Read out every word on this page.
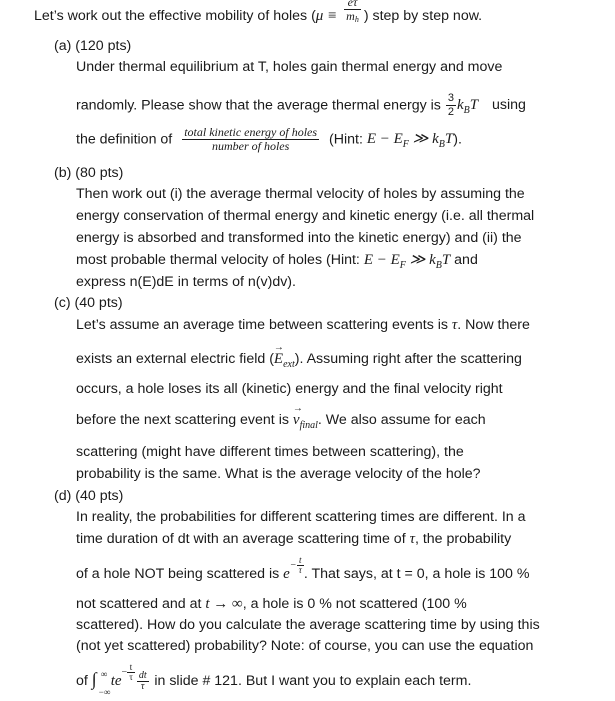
Let’s work out the effective mobility of holes ($\mu \equiv \frac{e\tau}{mh}$ ) step by step now.
(a) (120 pts)
Under thermal equilibrium at T, holes gain thermal energy and move
randomly. Please show that the average thermal energy is $\frac{3}{2} k_BT$ using
the definition of $\frac{\text{total kinetic energy of holes}}{\text{number of holes}}$ (Hint: $E - E_F$ ≫ $k_BT$).
(b) (80 pts)
Then work out (i) the average thermal velocity of holes by assuming the
energy conservation of thermal energy and kinetic energy (i.e. all thermal
energy is absorbed and transformed into the kinetic energy) and (ii) the
most probable thermal velocity of holes (Hint: $E - E_F$ ≫ $k_BT$ and
express n(E)dE in terms of n(v)dv).
(c) (40 pts)
Let’s assume an average time between scattering events is τ. Now there
exists an external electric field (→ $E_{ext}$). Assuming right after the scattering
occurs, a hole loses its all (kinetic) energy and the final velocity right
before the next scattering event is → $v_{final}$. We also assume for each
scattering (might have different times between scattering), the
probability is the same. What is the average velocity of the hole?
(d) (40 pts)
In reality, the probabilities for different scattering times are different. In a
time duration of dt with an average scattering time of τ, the probability
of a hole NOT being scattered is $e^{- \frac{t}{\tau}}$ . That says, at t = 0, a hole is 100 %
not scattered and at t → ∞, a hole is 0 % not scattered (100 %
scattered). How do you calculate the average scattering time by using this
(not yet scattered) probability? Note: of course, you can use the equation
of ∫ ∞
−∞
$te^{- \frac{t}{\tau}} \frac{dt}{\tau}$ in slide # 121. But I want you to explain each term.
